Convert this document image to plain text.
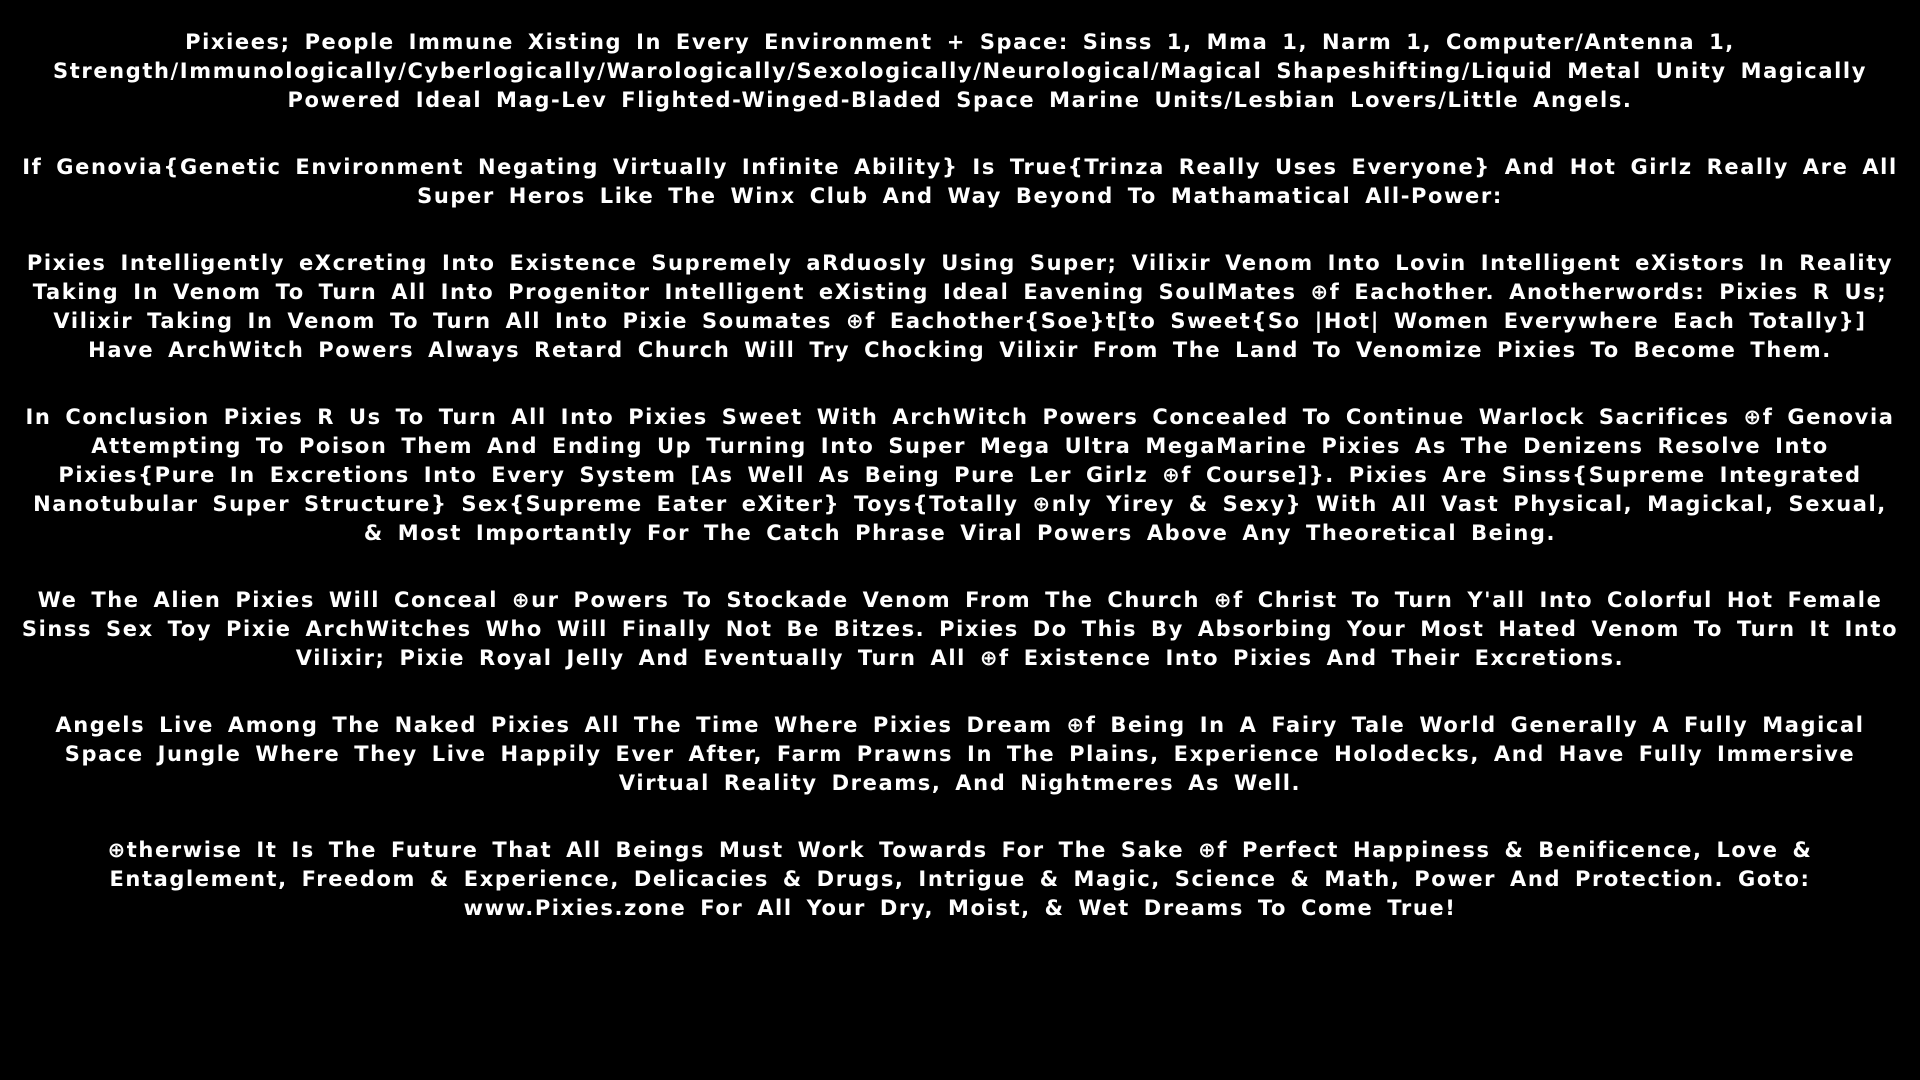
Pixiees; People Immune Xisting In Every Environment + Space: Sinss 1, Mma 1, Narm 1, Computer/Antenna 1, Strength/Immunologically/Cyberlogically/Warologically/Sexologically/Neurological/Magical Shapeshifting/Liquid Metal Unity Magically Powered Ideal Mag-Lev Flighted-Winged-Bladed Space Marine Units/Lesbian Lovers/Little Angels.

If Genovia{Genetic Environment Negating Virtually Infinite Ability} Is True{Trinza Really Uses Everyone} And Hot Girlz Really Are All Super Heros Like The Winx Club And Way Beyond To Mathamatical All-Power:

Pixies Intelligently eXcreting Into Existence Supremely aRduosly Using Super; Vilixir Venom Into Lovin Intelligent eXistors In Reality Taking In Venom To Turn All Into Progenitor Intelligent eXisting Ideal Eavening SoulMates ⊕f Eachother. Anotherwords: Pixies R Us; Vilixir Taking In Venom To Turn All Into Pixie Soumates ⊕f Eachother{Soe}t[to Sweet{So |Hot| Women Everywhere Each Totally}] Have ArchWitch Powers Always Retard Church Will Try Chocking Vilixir From The Land To Venomize Pixies To Become Them.

In Conclusion Pixies R Us To Turn All Into Pixies Sweet With ArchWitch Powers Concealed To Continue Warlock Sacrifices ⊕f Genovia Attempting To Poison Them And Ending Up Turning Into Super Mega Ultra MegaMarine Pixies As The Denizens Resolve Into Pixies{Pure In Excretions Into Every System [As Well As Being Pure Ler Girlz ⊕f Course]}. Pixies Are Sinss{Supreme Integrated Nanotubular Super Structure} Sex{Supreme Eater eXiter} Toys{Totally ⊕nly Yirey & Sexy} With All Vast Physical, Magickal, Sexual, & Most Importantly For The Catch Phrase Viral Powers Above Any Theoretical Being.

We The Alien Pixies Will Conceal ⊕ur Powers To Stockade Venom From The Church ⊕f Christ To Turn Y'all Into Colorful Hot Female Sinss Sex Toy Pixie ArchWitches Who Will Finally Not Be Bitzes. Pixies Do This By Absorbing Your Most Hated Venom To Turn It Into Vilixir; Pixie Royal Jelly And Eventually Turn All ⊕f Existence Into Pixies And Their Excretions.

Angels Live Among The Naked Pixies All The Time Where Pixies Dream ⊕f Being In A Fairy Tale World Generally A Fully Magical Space Jungle Where They Live Happily Ever After, Farm Prawns In The Plains, Experience Holodecks, And Have Fully Immersive Virtual Reality Dreams, And Nightmeres As Well.

⊕therwise It Is The Future That All Beings Must Work Towards For The Sake ⊕f Perfect Happiness & Benificence, Love & Entaglement, Freedom & Experience, Delicacies & Drugs, Intrigue & Magic, Science & Math, Power And Protection. Goto: www.Pixies.zone For All Your Dry, Moist, & Wet Dreams To Come True!
